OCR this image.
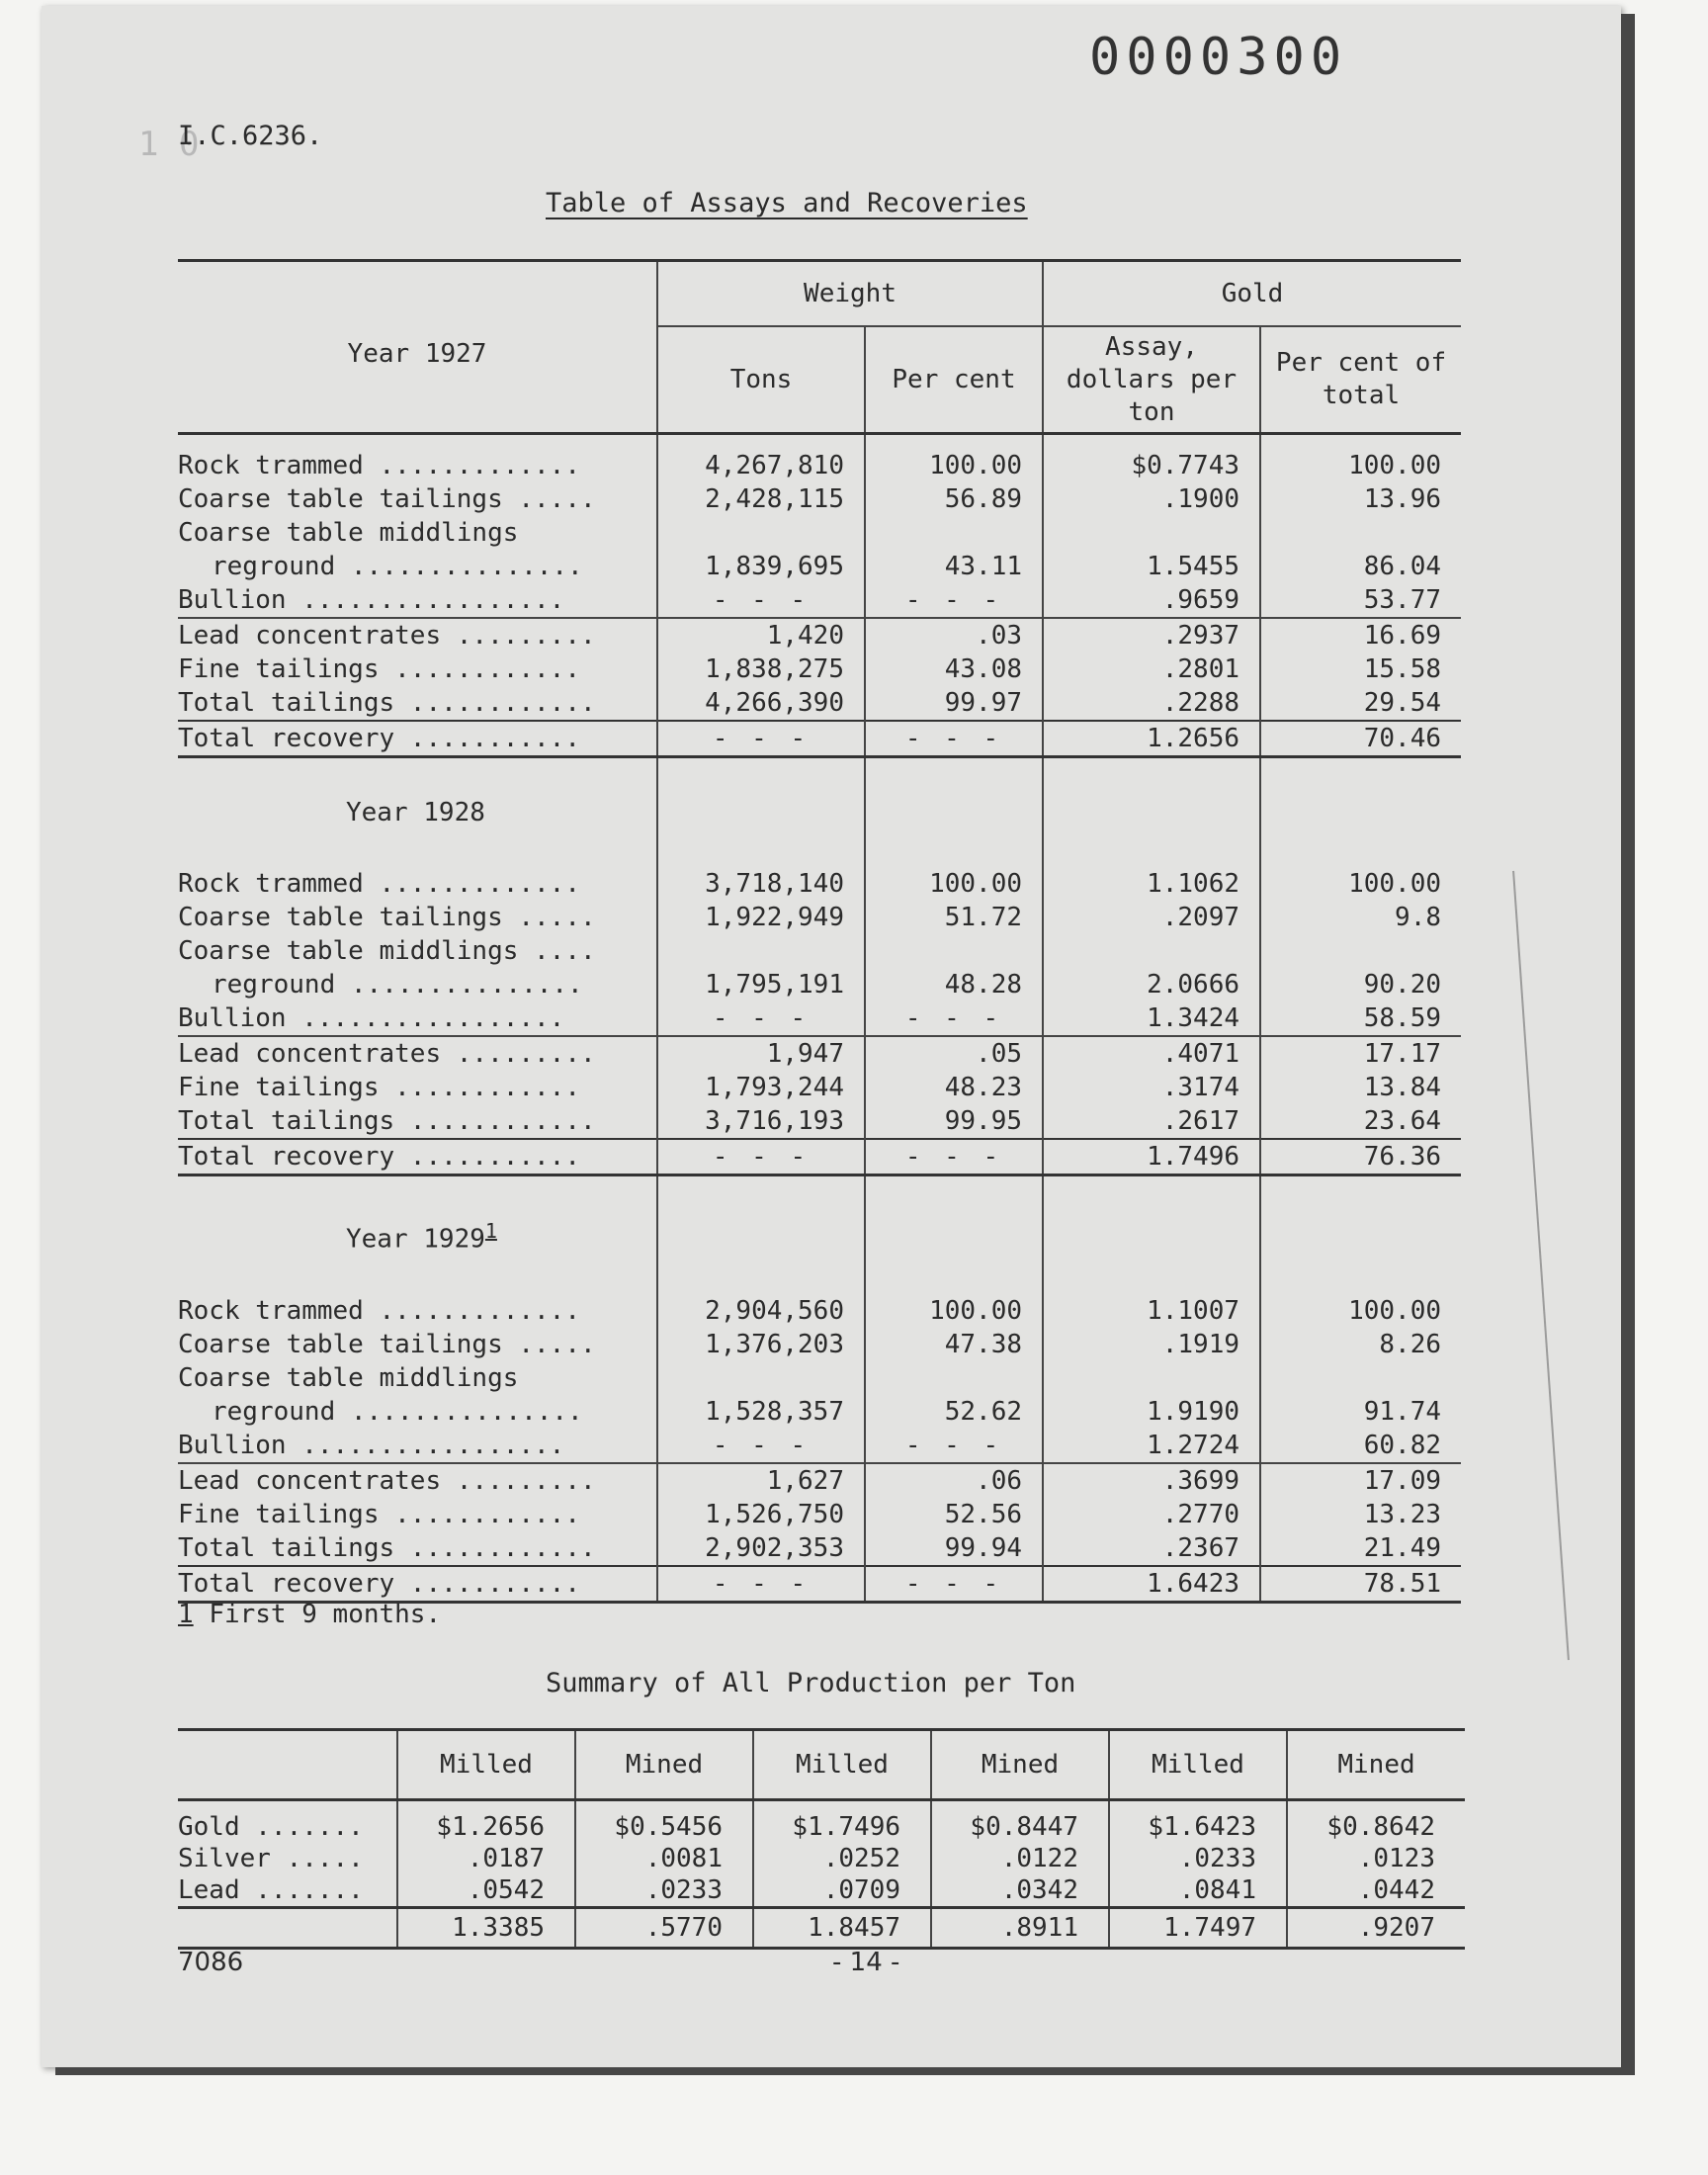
0000300
1 0
I.C.6236.
Table of Assays and Recoveries
Year 1927	Weight		Gold	
	Tons	Per cent	Assay, dollars per ton	Per cent of total
Rock trammed .............	4,267,810	100.00	$0.7743	100.00
Coarse table tailings .....	2,428,115	56.89	.1900	13.96
Coarse table middlings				
reground ...............	1,839,695	43.11	1.5455	86.04
Bullion .................	- - -	- - -	.9659	53.77
Lead concentrates .........	1,420	.03	.2937	16.69
Fine tailings ............	1,838,275	43.08	.2801	15.58
Total tailings ............	4,266,390	99.97	.2288	29.54
Total recovery ...........	- - -	- - -	1.2656	70.46
Year 1928				
Rock trammed .............	3,718,140	100.00	1.1062	100.00
Coarse table tailings .....	1,922,949	51.72	.2097	9.8
Coarse table middlings ....				
reground ...............	1,795,191	48.28	2.0666	90.20
Bullion .................	- - -	- - -	1.3424	58.59
Lead concentrates .........	1,947	.05	.4071	17.17
Fine tailings ............	1,793,244	48.23	.3174	13.84
Total tailings ............	3,716,193	99.95	.2617	23.64
Total recovery ...........	- - -	- - -	1.7496	76.36
Year 1929$^1$				
Rock trammed .............	2,904,560	100.00	1.1007	100.00
Coarse table tailings .....	1,376,203	47.38	.1919	8.26
Coarse table middlings				
reground ...............	1,528,357	52.62	1.9190	91.74
Bullion .................	- - -	- - -	1.2724	60.82
Lead concentrates .........	1,627	.06	.3699	17.09
Fine tailings ............	1,526,750	52.56	.2770	13.23
Total tailings ............	2,902,353	99.94	.2367	21.49
Total recovery ...........	- - -	- - -	1.6423	78.51
1 First 9 months.
Summary of All Production per Ton
	Milled	Mined	Milled	Mined	Milled	Mined
Gold .......	$1.2656	$0.5456	$1.7496	$0.8447	$1.6423	$0.8642
Silver .....	.0187	.0081	.0252	.0122	.0233	.0123
Lead .......	.0542	.0233	.0709	.0342	.0841	.0442
	1.3385	.5770	1.8457	.8911	1.7497	.9207
7086	- 14 -
